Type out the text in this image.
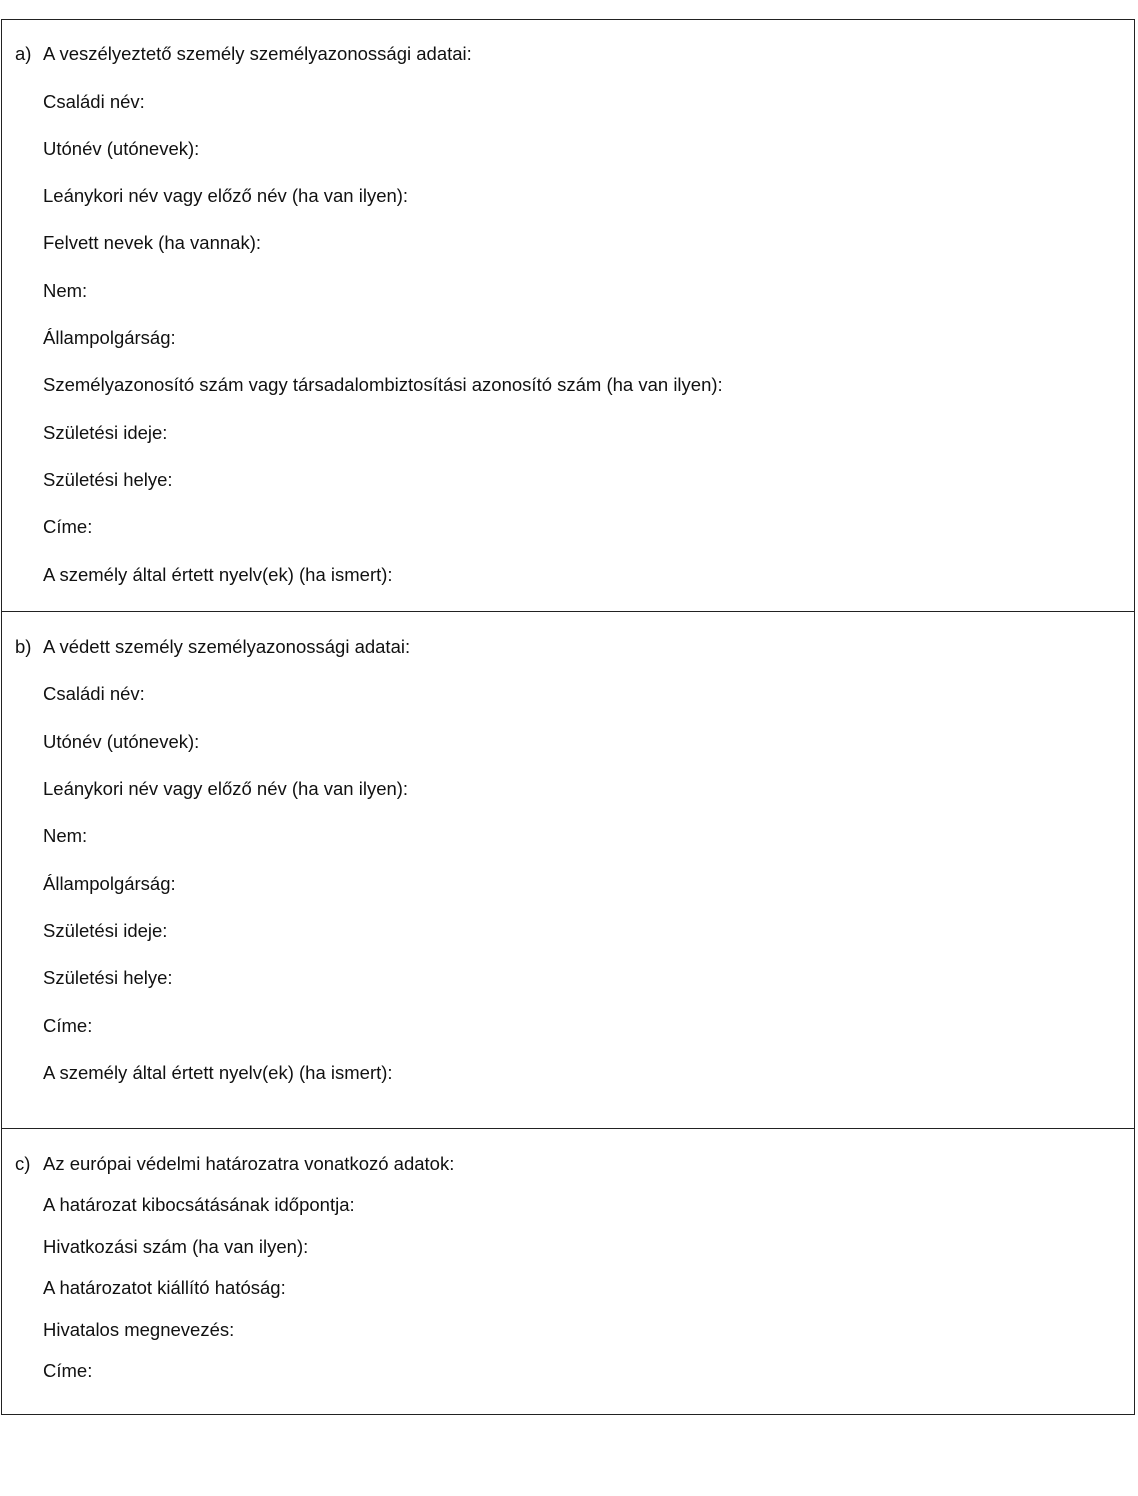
a) A veszélyeztető személy személyazonossági adatai:
Családi név:
Utónév (utónevek):
Leánykori név vagy előző név (ha van ilyen):
Felvett nevek (ha vannak):
Nem:
Állampolgárság:
Személyazonosító szám vagy társadalombiztosítási azonosító szám (ha van ilyen):
Születési ideje:
Születési helye:
Címe:
A személy által értett nyelv(ek) (ha ismert):
b) A védett személy személyazonossági adatai:
Családi név:
Utónév (utónevek):
Leánykori név vagy előző név (ha van ilyen):
Nem:
Állampolgárság:
Születési ideje:
Születési helye:
Címe:
A személy által értett nyelv(ek) (ha ismert):
c) Az európai védelmi határozatra vonatkozó adatok:
A határozat kibocsátásának időpontja:
Hivatkozási szám (ha van ilyen):
A határozatot kiállító hatóság:
Hivatalos megnevezés:
Címe:
